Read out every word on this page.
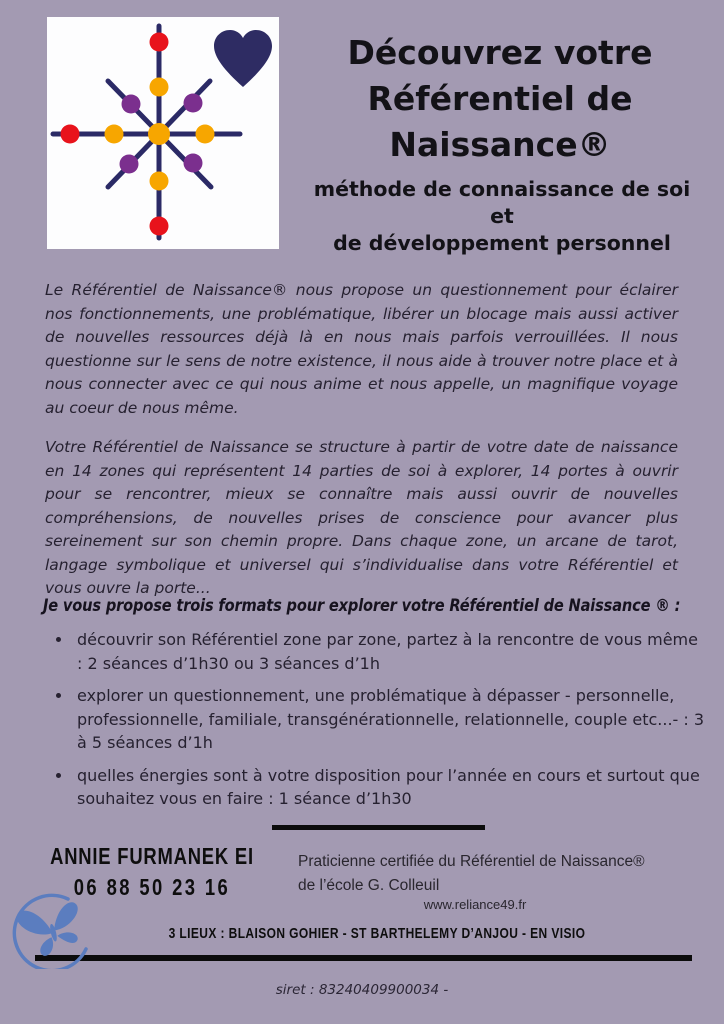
Découvrez votre
Référentiel de
Naissance®
méthode de connaissance de soi et
de développement personnel
Le Référentiel de Naissance® nous propose un questionnement pour éclairer nos fonctionnements, une problématique, libérer un blocage mais aussi activer de nouvelles ressources déjà là en nous mais parfois verrouillées. Il nous questionne sur le sens de notre existence, il nous aide à trouver notre place et à nous connecter avec ce qui nous anime et nous appelle, un magnifique voyage au coeur de nous même.
Votre Référentiel de Naissance se structure à partir de votre date de naissance en 14 zones qui représentent 14 parties de soi à explorer, 14 portes à ouvrir pour se rencontrer, mieux se connaître mais aussi ouvrir de nouvelles compréhensions, de nouvelles prises de conscience pour avancer plus sereinement sur son chemin propre. Dans chaque zone, un arcane de tarot, langage symbolique et universel qui s’individualise dans votre Référentiel et vous ouvre la porte...
Je vous propose trois formats pour explorer votre Référentiel de Naissance ® :
• découvrir son Référentiel zone par zone, partez à la rencontre de vous même : 2 séances d’1h30 ou 3 séances d’1h
• explorer un questionnement, une problématique à dépasser - personnelle, professionnelle, familiale, transgénérationnelle, relationnelle, couple etc...- : 3 à 5 séances d’1h
• quelles énergies sont à votre disposition pour l’année en cours et surtout que souhaitez vous en faire : 1 séance d’1h30
ANNIE FURMANEK EI
06 88 50 23 16
Praticienne certifiée du Référentiel de Naissance®
de l’école G. Colleuil
www.reliance49.fr
3 LIEUX : BLAISON GOHIER - ST BARTHELEMY D’ANJOU - EN VISIO
siret : 83240409900034 -
